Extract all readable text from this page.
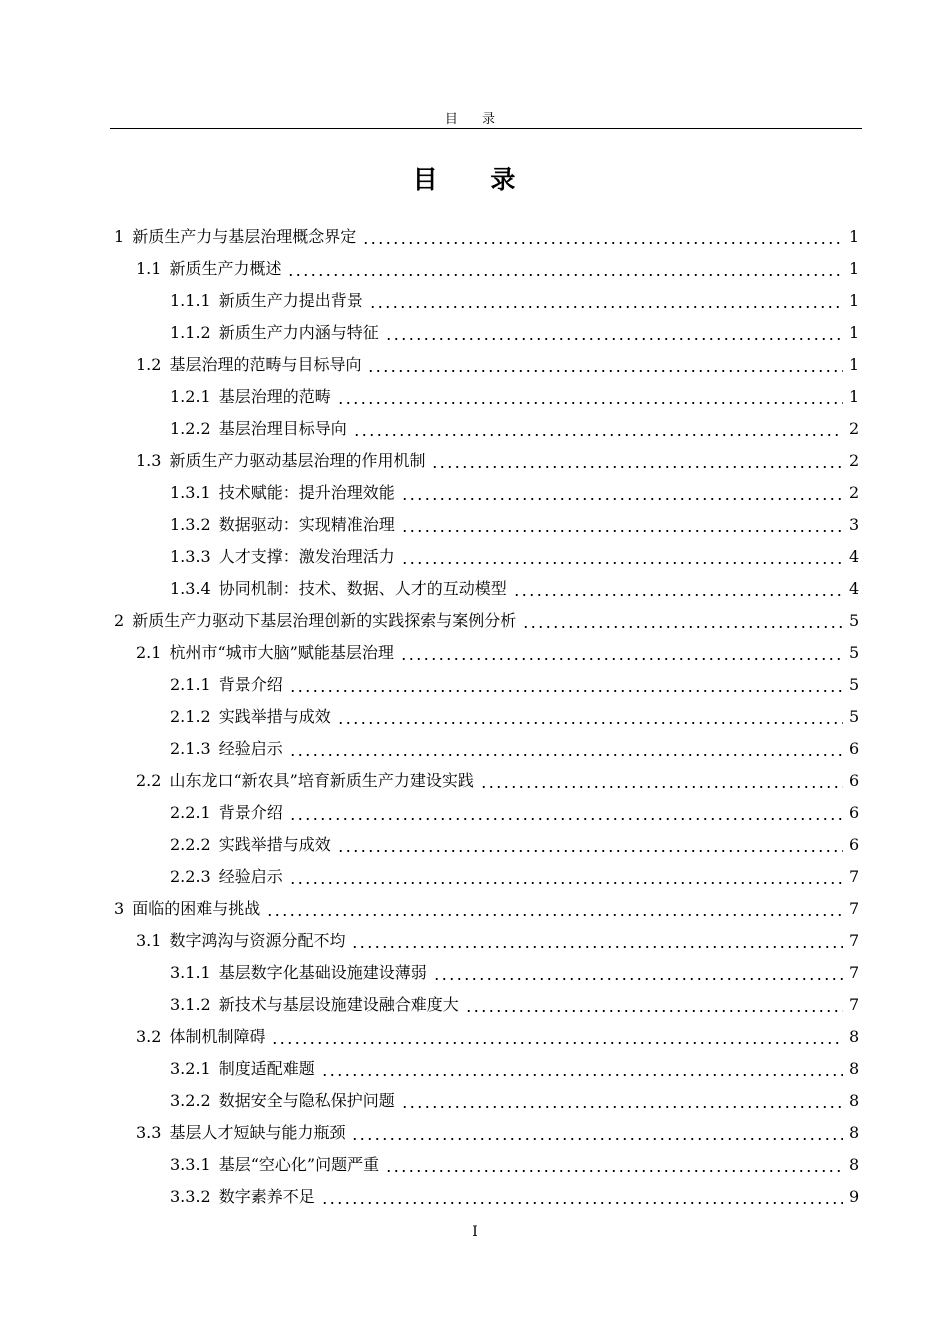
目 录
目 录
1 新质生产力与基层治理概念界定	1
1.1 新质生产力概述	1
1.1.1 新质生产力提出背景	1
1.1.2 新质生产力内涵与特征	1
1.2 基层治理的范畴与目标导向	1
1.2.1 基层治理的范畴	1
1.2.2 基层治理目标导向	2
1.3 新质生产力驱动基层治理的作用机制	2
1.3.1 技术赋能：提升治理效能	2
1.3.2 数据驱动：实现精准治理	3
1.3.3 人才支撑：激发治理活力	4
1.3.4 协同机制：技术、数据、人才的互动模型	4
2 新质生产力驱动下基层治理创新的实践探索与案例分析	5
2.1 杭州市“城市大脑”赋能基层治理	5
2.1.1 背景介绍	5
2.1.2 实践举措与成效	5
2.1.3 经验启示	6
2.2 山东龙口“新农具”培育新质生产力建设实践	6
2.2.1 背景介绍	6
2.2.2 实践举措与成效	6
2.2.3 经验启示	7
3 面临的困难与挑战	7
3.1 数字鸿沟与资源分配不均	7
3.1.1 基层数字化基础设施建设薄弱	7
3.1.2 新技术与基层设施建设融合难度大	7
3.2 体制机制障碍	8
3.2.1 制度适配难题	8
3.2.2 数据安全与隐私保护问题	8
3.3 基层人才短缺与能力瓶颈	8
3.3.1 基层“空心化”问题严重	8
3.3.2 数字素养不足	9
I
